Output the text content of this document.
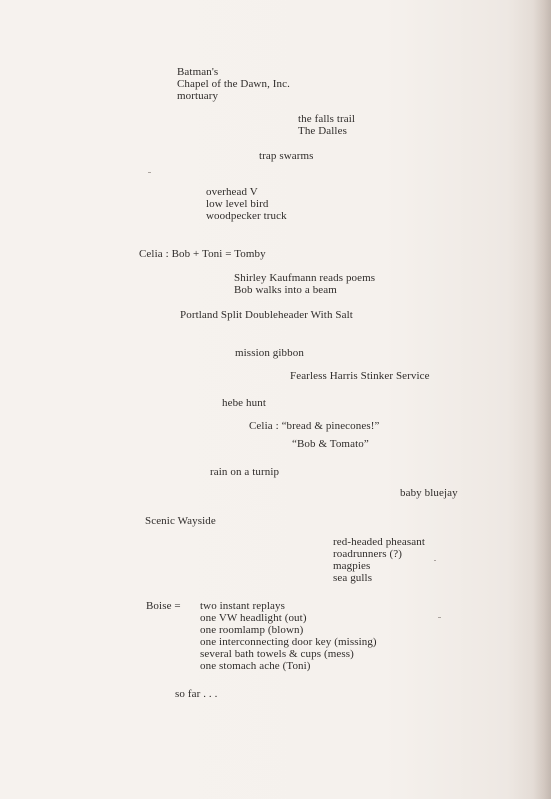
Batman's
Chapel of the Dawn, Inc.
mortuary
the falls trail
The Dalles
trap swarms
overhead V
low level bird
woodpecker truck
Celia : Bob + Toni = Tomby
Shirley Kaufmann reads poems
Bob walks into a beam
Portland Split Doubleheader With Salt
mission gibbon
Fearless Harris Stinker Service
hebe hunt
Celia : “bread & pinecones!”
“Bob & Tomato”
rain on a turnip
baby bluejay
Scenic Wayside
red-headed pheasant
roadrunners (?)
magpies
sea gulls
Boise = two instant replays
one VW headlight (out)
one roomlamp (blown)
one interconnecting door key (missing)
several bath towels & cups (mess)
one stomach ache (Toni)
so far . . .
